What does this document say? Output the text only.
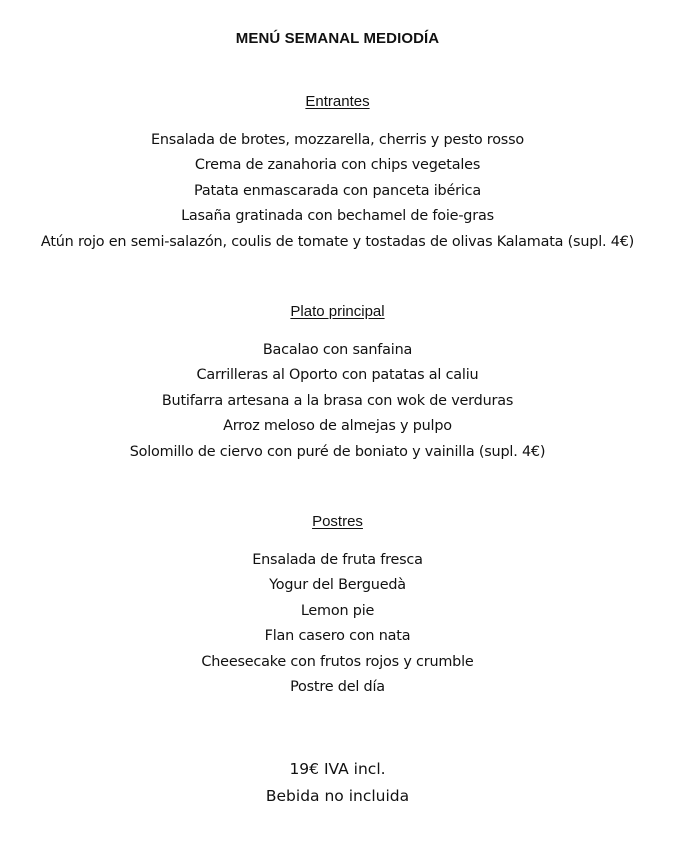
MENÚ SEMANAL MEDIODÍA
Entrantes
Ensalada de brotes, mozzarella, cherris y pesto rosso
Crema de zanahoria con chips vegetales
Patata enmascarada con panceta ibérica
Lasaña gratinada con bechamel de foie-gras
Atún rojo en semi-salazón, coulis de tomate y tostadas de olivas Kalamata (supl. 4€)
Plato principal
Bacalao con sanfaina
Carrilleras al Oporto con patatas al caliu
Butifarra artesana a la brasa con wok de verduras
Arroz meloso de almejas y pulpo
Solomillo de ciervo con puré de boniato y vainilla (supl. 4€)
Postres
Ensalada de fruta fresca
Yogur del Berguedà
Lemon pie
Flan casero con nata
Cheesecake con frutos rojos y crumble
Postre del día
19€ IVA incl.
Bebida no incluida
